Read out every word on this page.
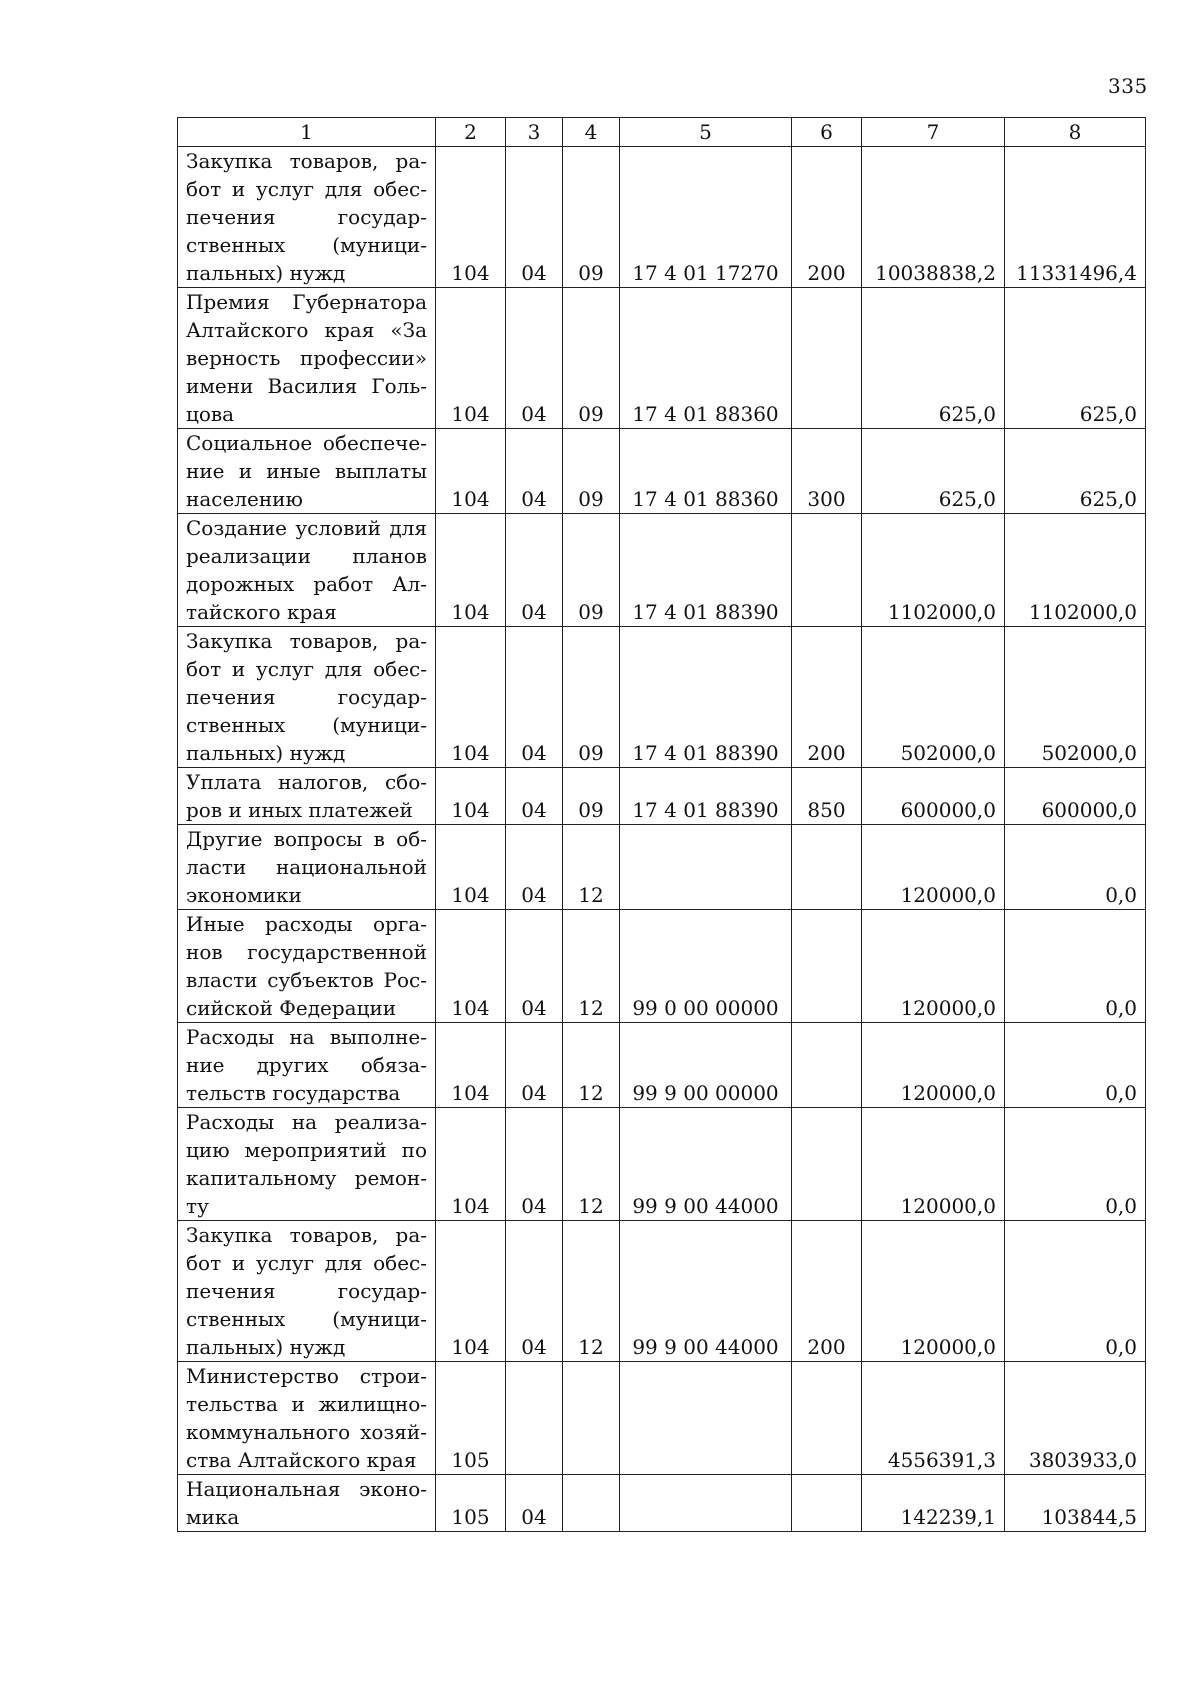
335
1	2	3	4	5	6	7	8
Закупка товаров, ра-бот и услуг для обес-печения государ-ственных (муници-пальных) нужд	104	04	09	17 4 01 17270	200	10038838,2	11331496,4
Премия Губернатора Алтайского края «За верность профессии» имени Василия Голь-цова	104	04	09	17 4 01 88360		625,0	625,0
Социальное обеспече-ние и иные выплаты населению	104	04	09	17 4 01 88360	300	625,0	625,0
Создание условий для реализации планов дорожных работ Ал-тайского края	104	04	09	17 4 01 88390		1102000,0	1102000,0
Закупка товаров, ра-бот и услуг для обес-печения государ-ственных (муници-пальных) нужд	104	04	09	17 4 01 88390	200	502000,0	502000,0
Уплата налогов, сбо-ров и иных платежей	104	04	09	17 4 01 88390	850	600000,0	600000,0
Другие вопросы в об-ласти национальной экономики	104	04	12			120000,0	0,0
Иные расходы орга-нов государственной власти субъектов Рос-сийской Федерации	104	04	12	99 0 00 00000		120000,0	0,0
Расходы на выполне-ние других обяза-тельств государства	104	04	12	99 9 00 00000		120000,0	0,0
Расходы на реализа-цию мероприятий по капитальному ремон-ту	104	04	12	99 9 00 44000		120000,0	0,0
Закупка товаров, ра-бот и услуг для обес-печения государ-ственных (муници-пальных) нужд	104	04	12	99 9 00 44000	200	120000,0	0,0
Министерство строи-тельства и жилищно-коммунального хозяй-ства Алтайского края	105					4556391,3	3803933,0
Национальная эконо-мика	105	04				142239,1	103844,5
